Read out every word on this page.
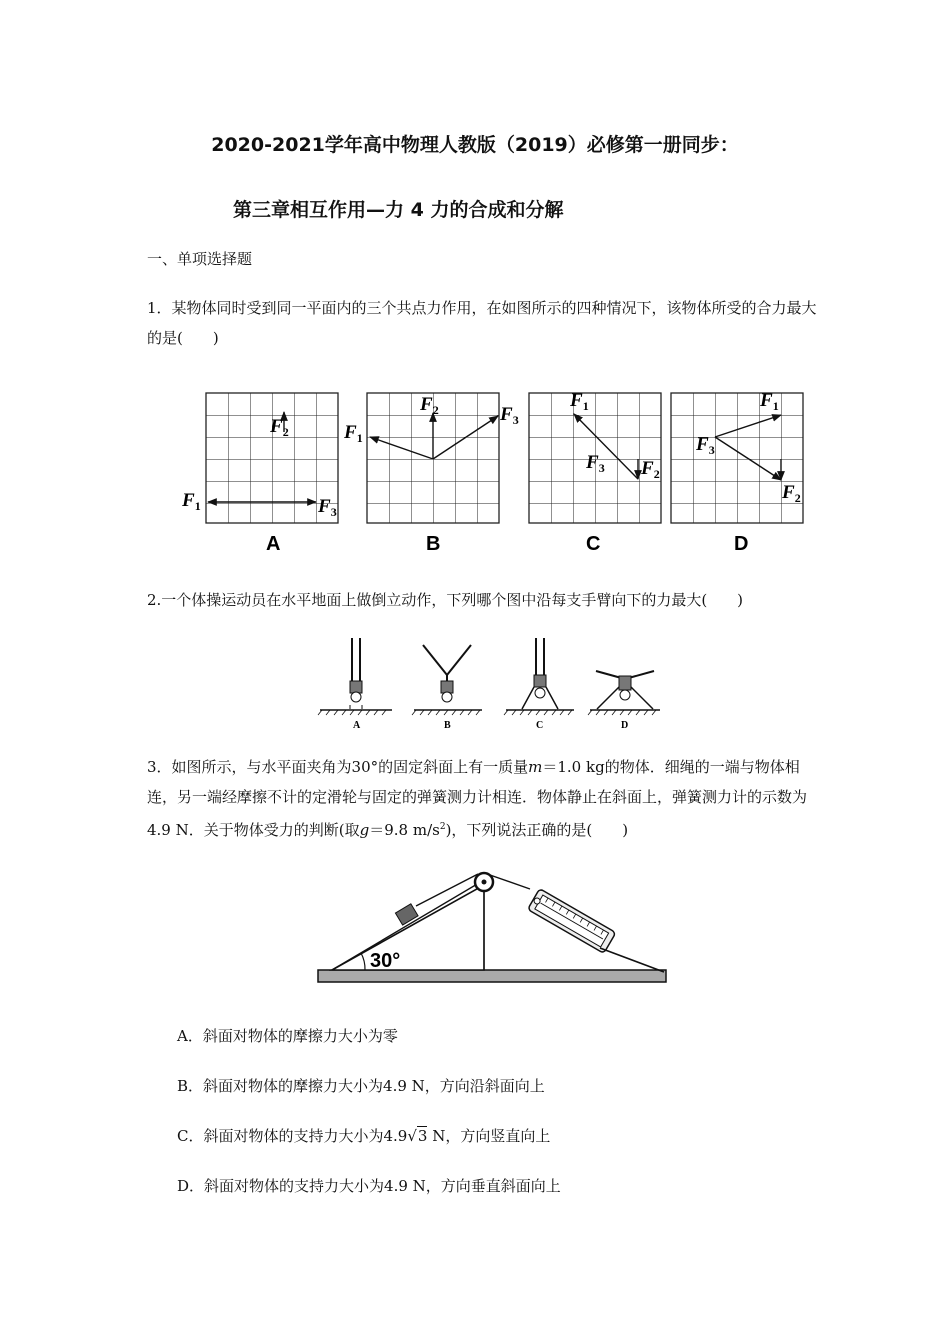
2020-2021学年高中物理人教版（2019）必修第一册同步：
第三章相互作用—力 4 力的合成和分解
一、单项选择题
1．某物体同时受到同一平面内的三个共点力作用，在如图所示的四种情况下，该物体所受的合力最大的是(　　)
$F_2$
$F_1$	$F_3$
A
$F_2$
$F_1$
$F_3$
B
$F_1$
$F_3$ $F_2$
C
$F_1$
$F_3$
$F_2$
D
2.一个体操运动员在水平地面上做倒立动作，下列哪个图中沿每支手臂向下的力最大(　　)
A	B	C	D
3．如图所示，与水平面夹角为30°的固定斜面上有一质量m＝1.0 kg的物体．细绳的一端与物体相连，另一端经摩擦不计的定滑轮与固定的弹簧测力计相连．物体静止在斜面上，弹簧测力计的示数为4.9 N．关于物体受力的判断(取g＝9.8 $m/s^2$)，下列说法正确的是(　　)
30°
A．斜面对物体的摩擦力大小为零
B．斜面对物体的摩擦力大小为4.9 N，方向沿斜面向上
C．斜面对物体的支持力大小为4.9√3 N，方向竖直向上
D．斜面对物体的支持力大小为4.9 N，方向垂直斜面向上
